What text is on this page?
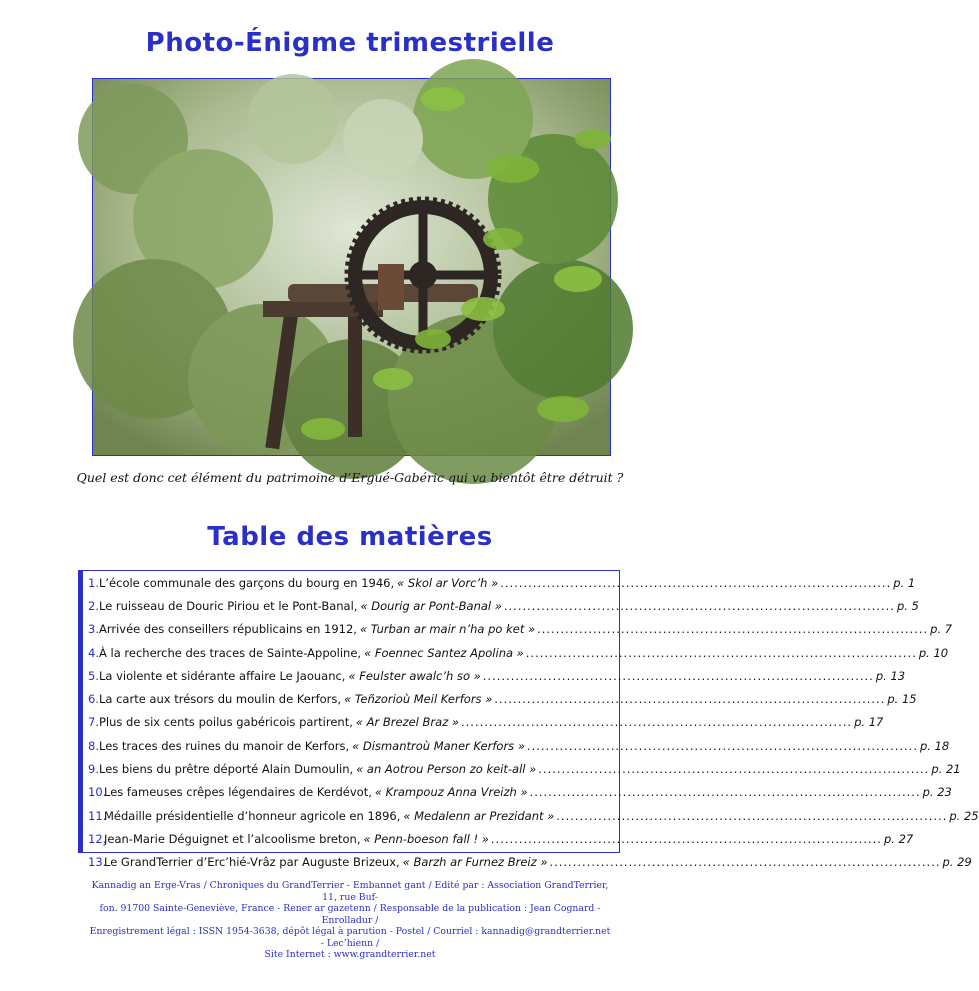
Photo-Énigme trimestrielle
Quel est donc cet élément du patrimoine d’Ergué-Gabéric qui va bientôt être détruit ?
Table des matières
1. L’école communale des garçons du bourg en 1946, « Skol ar Vorc’h » .................................................................................... p. 1
2. Le ruisseau de Douric Piriou et le Pont-Banal, « Dourig ar Pont-Banal » .................................................................................... p. 5
3. Arrivée des conseillers républicains en 1912, « Turban ar mair n’ha po ket » .................................................................................... p. 7
4. À la recherche des traces de Sainte-Appoline, « Foennec Santez Apolina » .................................................................................... p. 10
5. La violente et sidérante affaire Le Jaouanc, « Feulster awalc’h so » .................................................................................... p. 13
6. La carte aux trésors du moulin de Kerfors, « Teñzorioù Meil Kerfors » .................................................................................... p. 15
7. Plus de six cents poilus gabéricois partirent, « Ar Brezel Braz » .................................................................................... p. 17
8. Les traces des ruines du manoir de Kerfors, « Dismantroù Maner Kerfors » .................................................................................... p. 18
9. Les biens du prêtre déporté Alain Dumoulin, « an Aotrou Person zo keit-all » .................................................................................... p. 21
10.
Les fameuses crêpes légendaires de Kerdévot, « Krampouz Anna Vreizh » .................................................................................... p. 23
11.
Médaille présidentielle d’honneur agricole en 1896, « Medalenn ar Prezidant » .................................................................................... p. 25
12.
Jean-Marie Déguignet et l’alcoolisme breton, « Penn-boeson fall ! » .................................................................................... p. 27
13.
Le GrandTerrier d’Erc’hié-Vrâz par Auguste Brizeux, « Barzh ar Furnez Breiz » .................................................................................... p. 29
Kannadig an Erge-Vras / Chroniques du GrandTerrier - Embannet gant / Edité par : Association GrandTerrier, 11, rue Buf-
fon. 91700 Sainte-Geneviève, France - Rener ar gazetenn / Responsable de la publication : Jean Cognard - Enrolladur /
Enregistrement légal : ISSN 1954-3638, dépôt légal à parution - Postel / Courriel : kannadig@grandterrier.net - Lec’hienn /
Site Internet : www.grandterrier.net
